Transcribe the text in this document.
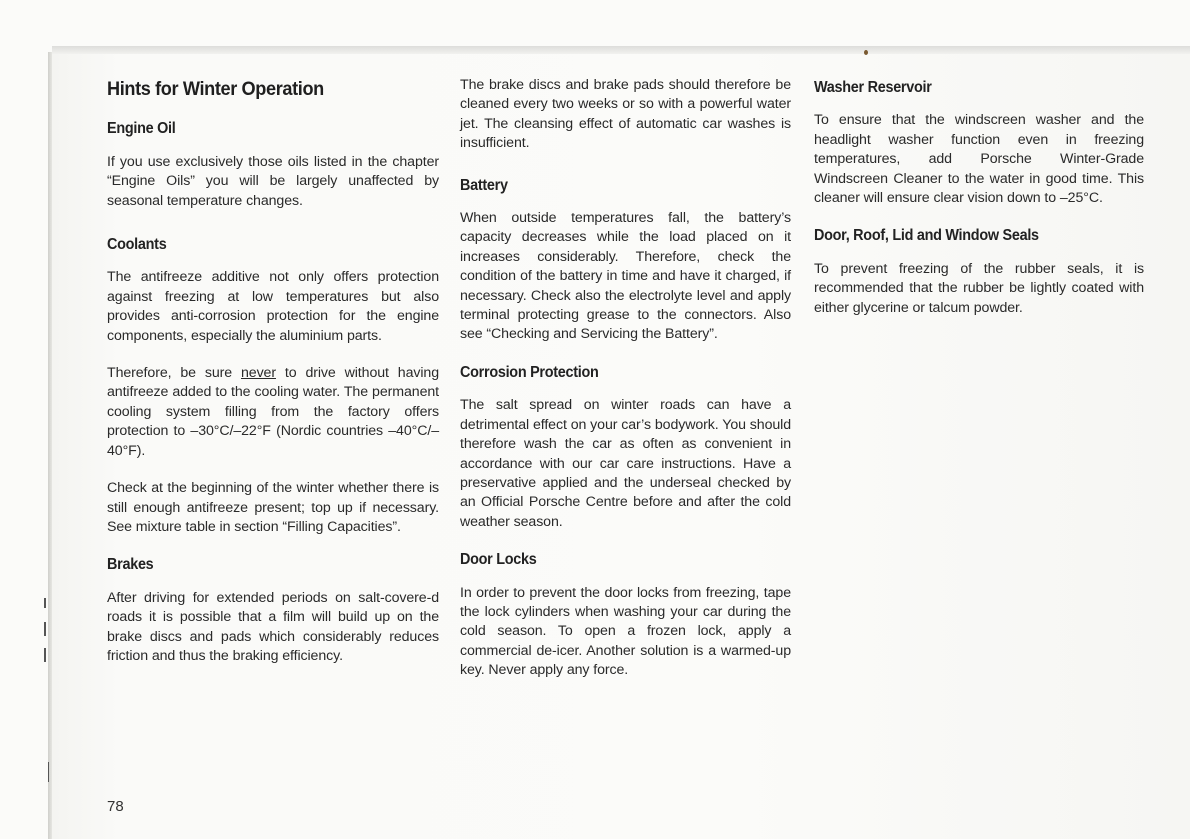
Hints for Winter Operation
Engine Oil

If you use exclusively those oils listed in the chapter “Engine Oils” you will be largely unaffected by seasonal temperature changes.

Coolants

The antifreeze additive not only offers protection against freezing at low temperatures but also provides anti-corrosion protection for the engine components, especially the aluminium parts.

Therefore, be sure never to drive without having antifreeze added to the cooling water. The permanent cooling system filling from the factory offers protection to –30°C/–22°F (Nordic countries –40°C/–40°F).

Check at the beginning of the winter whether there is still enough antifreeze present; top up if necessary. See mixture table in section “Filling Capacities”.

Brakes

After driving for extended periods on salt-covere-d roads it is possible that a film will build up on the brake discs and pads which considerably reduces friction and thus the braking efficiency.

The brake discs and brake pads should therefore be cleaned every two weeks or so with a powerful water jet. The cleansing effect of automatic car washes is insufficient.

Battery

When outside temperatures fall, the battery’s capacity decreases while the load placed on it increases considerably. Therefore, check the condition of the battery in time and have it charged, if necessary. Check also the electrolyte level and apply terminal protecting grease to the connectors. Also see “Checking and Servicing the Battery”.

Corrosion Protection

The salt spread on winter roads can have a detrimental effect on your car’s bodywork. You should therefore wash the car as often as convenient in accordance with our car care instructions. Have a preservative applied and the underseal checked by an Official Porsche Centre before and after the cold weather season.

Door Locks

In order to prevent the door locks from freezing, tape the lock cylinders when washing your car during the cold season. To open a frozen lock, apply a commercial de-icer. Another solution is a warmed-up key. Never apply any force.

Washer Reservoir

To ensure that the windscreen washer and the headlight washer function even in freezing temperatures, add Porsche Winter-Grade Windscreen Cleaner to the water in good time. This cleaner will ensure clear vision down to –25°C.

Door, Roof, Lid and Window Seals

To prevent freezing of the rubber seals, it is recommended that the rubber be lightly coated with either glycerine or talcum powder.

78
